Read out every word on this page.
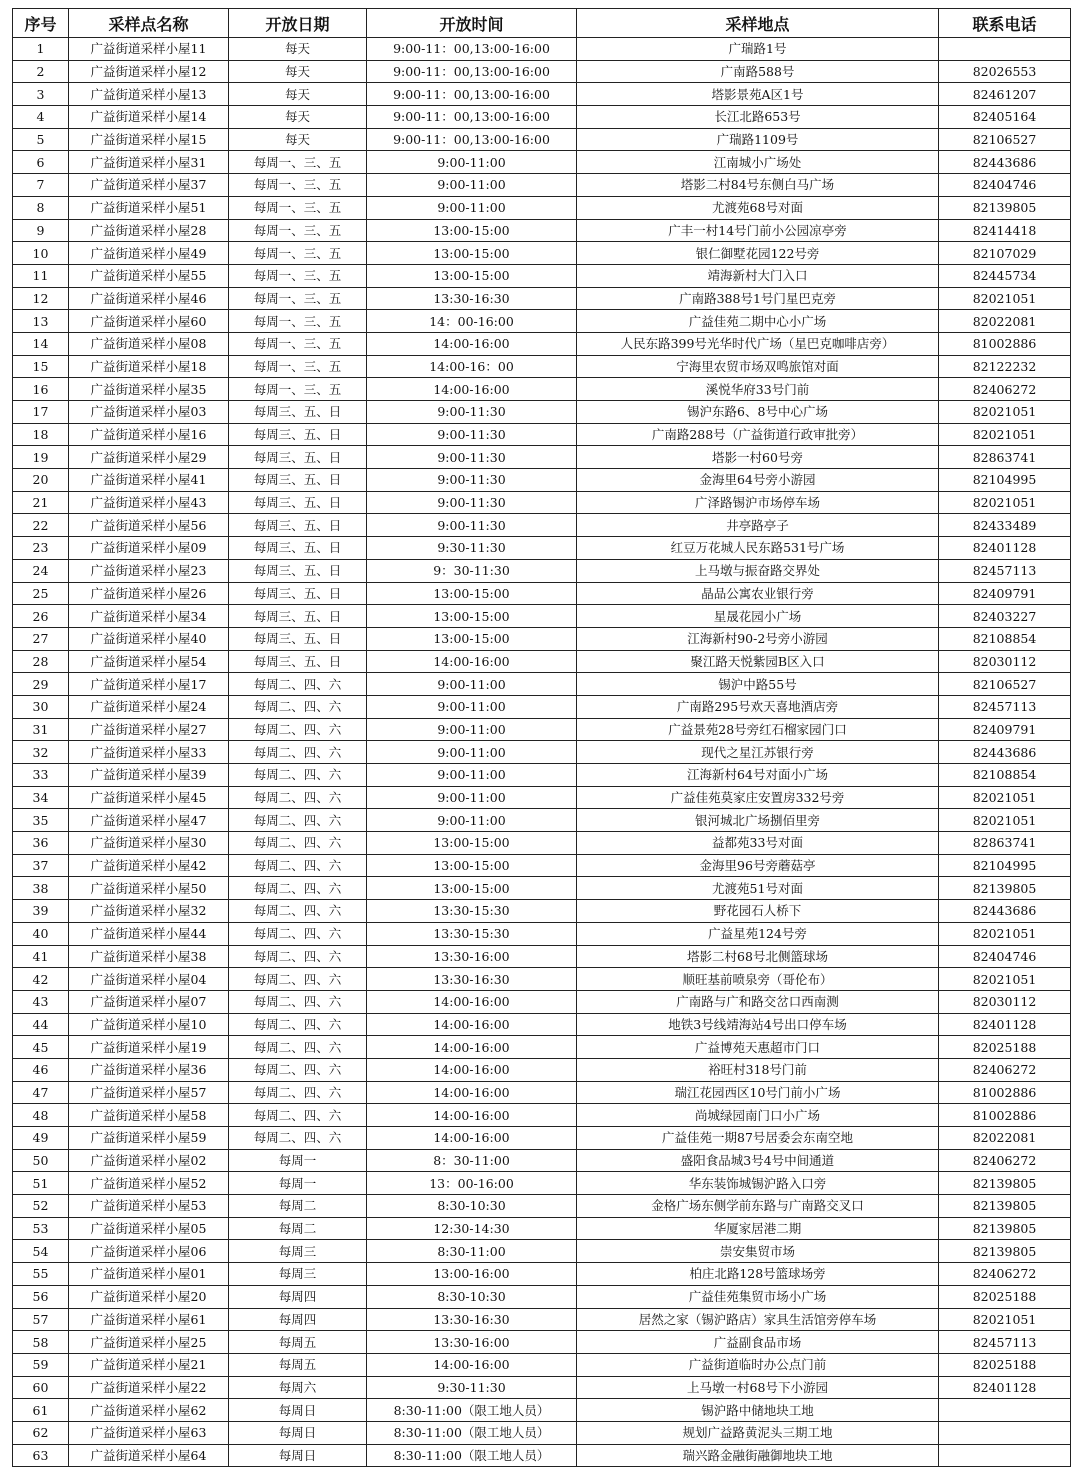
序号	采样点名称	开放日期	开放时间	采样地点	联系电话
1	广益街道采样小屋11	每天	9:00-11：00,13:00-16:00	广瑞路1号	
2	广益街道采样小屋12	每天	9:00-11：00,13:00-16:00	广南路588号	82026553
3	广益街道采样小屋13	每天	9:00-11：00,13:00-16:00	塔影景苑A区1号	82461207
4	广益街道采样小屋14	每天	9:00-11：00,13:00-16:00	长江北路653号	82405164
5	广益街道采样小屋15	每天	9:00-11：00,13:00-16:00	广瑞路1109号	82106527
6	广益街道采样小屋31	每周一、三、五	9:00-11:00	江南城小广场处	82443686
7	广益街道采样小屋37	每周一、三、五	9:00-11:00	塔影二村84号东侧白马广场	82404746
8	广益街道采样小屋51	每周一、三、五	9:00-11:00	尤渡苑68号对面	82139805
9	广益街道采样小屋28	每周一、三、五	13:00-15:00	广丰一村14号门前小公园凉亭旁	82414418
10	广益街道采样小屋49	每周一、三、五	13:00-15:00	银仁御墅花园122号旁	82107029
11	广益街道采样小屋55	每周一、三、五	13:00-15:00	靖海新村大门入口	82445734
12	广益街道采样小屋46	每周一、三、五	13:30-16:30	广南路388号1号门星巴克旁	82021051
13	广益街道采样小屋60	每周一、三、五	14：00-16:00	广益佳苑二期中心小广场	82022081
14	广益街道采样小屋08	每周一、三、五	14:00-16:00	人民东路399号光华时代广场（星巴克咖啡店旁）	81002886
15	广益街道采样小屋18	每周一、三、五	14:00-16：00	宁海里农贸市场双鸣旅馆对面	82122232
16	广益街道采样小屋35	每周一、三、五	14:00-16:00	溪悦华府33号门前	82406272
17	广益街道采样小屋03	每周三、五、日	9:00-11:30	锡沪东路6、8号中心广场	82021051
18	广益街道采样小屋16	每周三、五、日	9:00-11:30	广南路288号（广益街道行政审批旁）	82021051
19	广益街道采样小屋29	每周三、五、日	9:00-11:30	塔影一村60号旁	82863741
20	广益街道采样小屋41	每周三、五、日	9:00-11:30	金海里64号旁小游园	82104995
21	广益街道采样小屋43	每周三、五、日	9:00-11:30	广泽路锡沪市场停车场	82021051
22	广益街道采样小屋56	每周三、五、日	9:00-11:30	井亭路亭子	82433489
23	广益街道采样小屋09	每周三、五、日	9:30-11:30	红豆万花城人民东路531号广场	82401128
24	广益街道采样小屋23	每周三、五、日	9：30-11:30	上马墩与振奋路交界处	82457113
25	广益街道采样小屋26	每周三、五、日	13:00-15:00	晶品公寓农业银行旁	82409791
26	广益街道采样小屋34	每周三、五、日	13:00-15:00	星晟花园小广场	82403227
27	广益街道采样小屋40	每周三、五、日	13:00-15:00	江海新村90-2号旁小游园	82108854
28	广益街道采样小屋54	每周三、五、日	14:00-16:00	聚江路天悦紫园B区入口	82030112
29	广益街道采样小屋17	每周二、四、六	9:00-11:00	锡沪中路55号	82106527
30	广益街道采样小屋24	每周二、四、六	9:00-11:00	广南路295号欢天喜地酒店旁	82457113
31	广益街道采样小屋27	每周二、四、六	9:00-11:00	广益景苑28号旁红石榴家园门口	82409791
32	广益街道采样小屋33	每周二、四、六	9:00-11:00	现代之星江苏银行旁	82443686
33	广益街道采样小屋39	每周二、四、六	9:00-11:00	江海新村64号对面小广场	82108854
34	广益街道采样小屋45	每周二、四、六	9:00-11:00	广益佳苑莫家庄安置房332号旁	82021051
35	广益街道采样小屋47	每周二、四、六	9:00-11:00	银河城北广场捌佰里旁	82021051
36	广益街道采样小屋30	每周二、四、六	13:00-15:00	益都苑33号对面	82863741
37	广益街道采样小屋42	每周二、四、六	13:00-15:00	金海里96号旁蘑菇亭	82104995
38	广益街道采样小屋50	每周二、四、六	13:00-15:00	尤渡苑51号对面	82139805
39	广益街道采样小屋32	每周二、四、六	13:30-15:30	野花园石人桥下	82443686
40	广益街道采样小屋44	每周二、四、六	13:30-15:30	广益星苑124号旁	82021051
41	广益街道采样小屋38	每周二、四、六	13:30-16:00	塔影二村68号北侧篮球场	82404746
42	广益街道采样小屋04	每周二、四、六	13:30-16:30	顺旺基前喷泉旁（哥伦布）	82021051
43	广益街道采样小屋07	每周二、四、六	14:00-16:00	广南路与广和路交岔口西南测	82030112
44	广益街道采样小屋10	每周二、四、六	14:00-16:00	地铁3号线靖海站4号出口停车场	82401128
45	广益街道采样小屋19	每周二、四、六	14:00-16:00	广益博苑天惠超市门口	82025188
46	广益街道采样小屋36	每周二、四、六	14:00-16:00	裕旺村318号门前	82406272
47	广益街道采样小屋57	每周二、四、六	14:00-16:00	瑞江花园西区10号门前小广场	81002886
48	广益街道采样小屋58	每周二、四、六	14:00-16:00	尚城绿园南门口小广场	81002886
49	广益街道采样小屋59	每周二、四、六	14:00-16:00	广益佳苑一期87号居委会东南空地	82022081
50	广益街道采样小屋02	每周一	8：30-11:00	盛阳食品城3号4号中间通道	82406272
51	广益街道采样小屋52	每周一	13：00-16:00	华东装饰城锡沪路入口旁	82139805
52	广益街道采样小屋53	每周二	8:30-10:30	金格广场东侧学前东路与广南路交叉口	82139805
53	广益街道采样小屋05	每周二	12:30-14:30	华厦家居港二期	82139805
54	广益街道采样小屋06	每周三	8:30-11:00	崇安集贸市场	82139805
55	广益街道采样小屋01	每周三	13:00-16:00	柏庄北路128号篮球场旁	82406272
56	广益街道采样小屋20	每周四	8:30-10:30	广益佳苑集贸市场小广场	82025188
57	广益街道采样小屋61	每周四	13:30-16:30	居然之家（锡沪路店）家具生活馆旁停车场	82021051
58	广益街道采样小屋25	每周五	13:30-16:00	广益副食品市场	82457113
59	广益街道采样小屋21	每周五	14:00-16:00	广益街道临时办公点门前	82025188
60	广益街道采样小屋22	每周六	9:30-11:30	上马墩一村68号下小游园	82401128
61	广益街道采样小屋62	每周日	8:30-11:00（限工地人员）	锡沪路中储地块工地	
62	广益街道采样小屋63	每周日	8:30-11:00（限工地人员）	规划广益路黄泥头三期工地	
63	广益街道采样小屋64	每周日	8:30-11:00（限工地人员）	瑞兴路金融街融御地块工地	
